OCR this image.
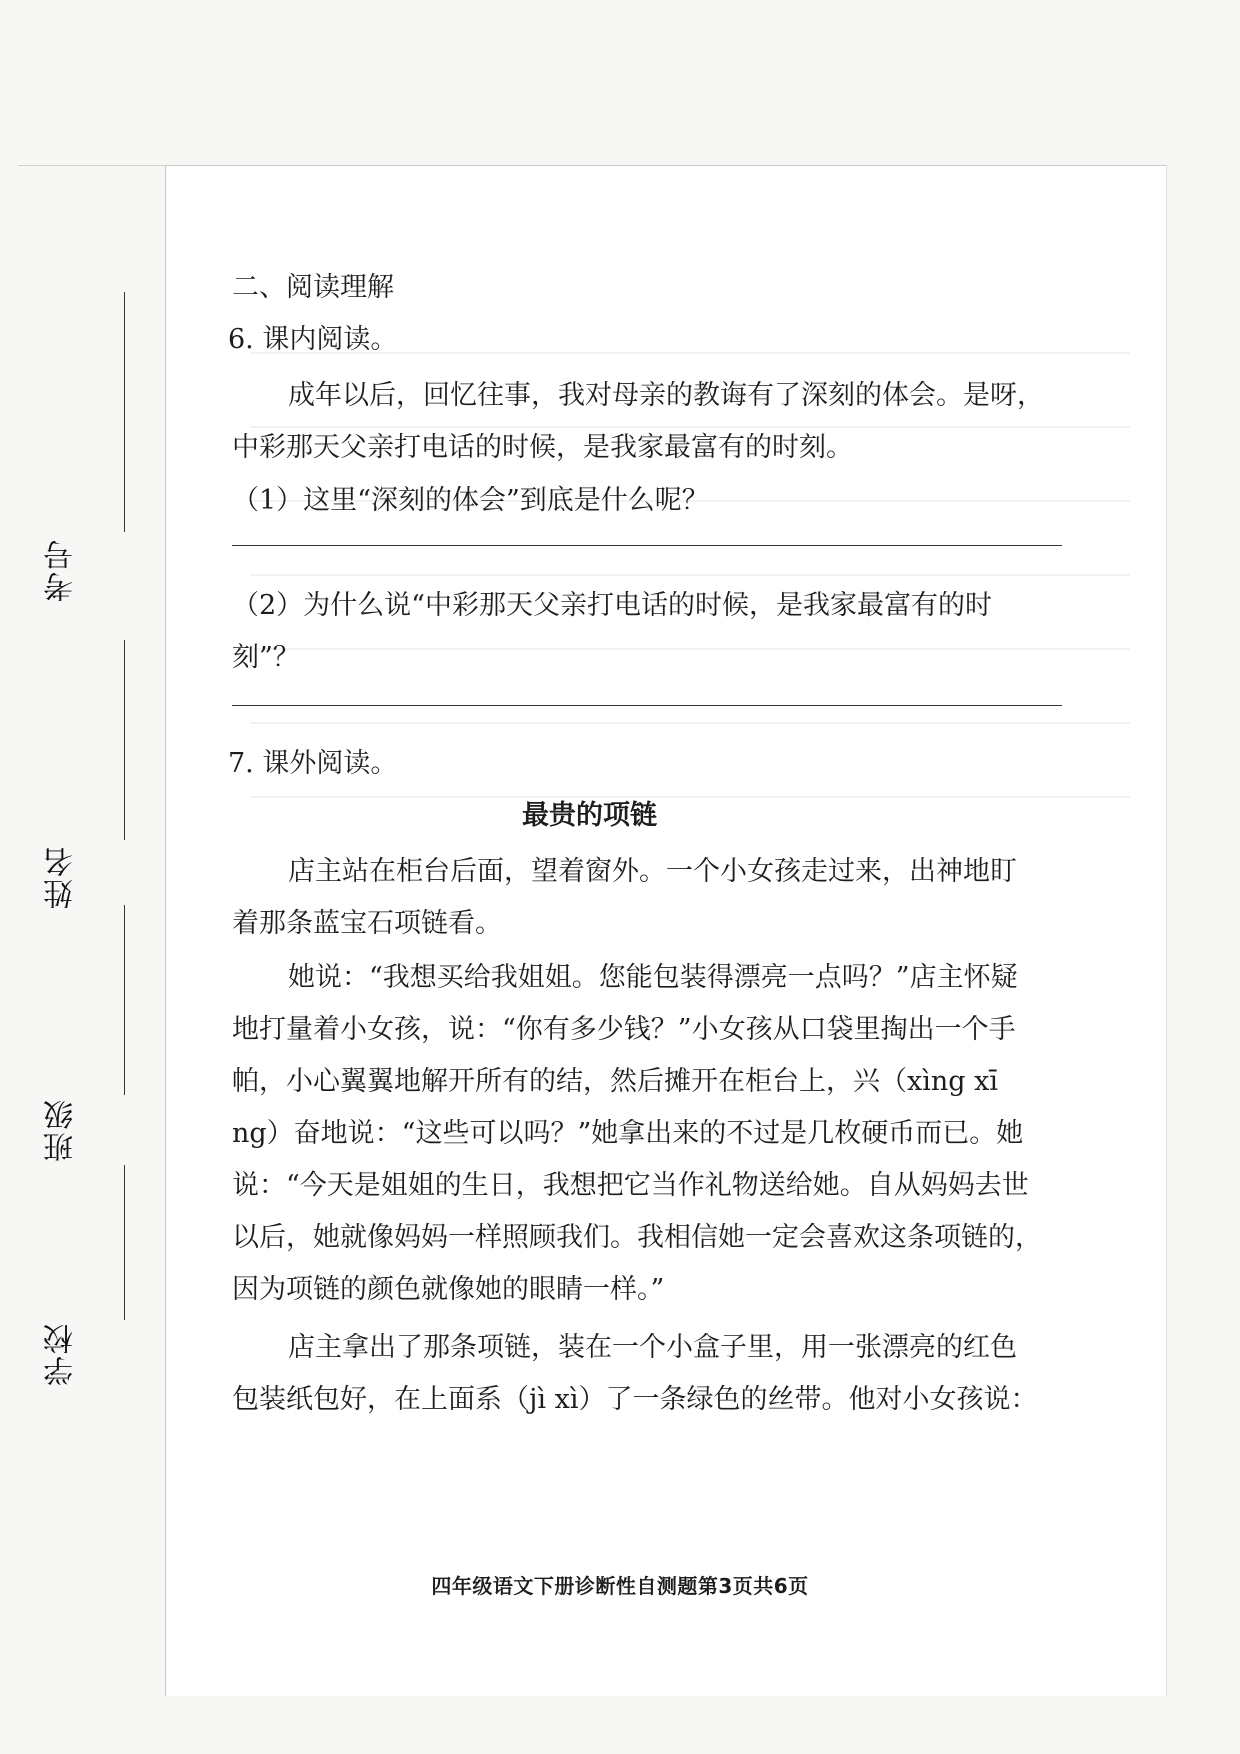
考号
姓名
班级
学校
二、阅读理解
6. 课内阅读。
成年以后，回忆往事，我对母亲的教诲有了深刻的体会。是呀，
中彩那天父亲打电话的时候，是我家最富有的时刻。
（1）这里“深刻的体会”到底是什么呢？
（2）为什么说“中彩那天父亲打电话的时候，是我家最富有的时
刻”？
7. 课外阅读。
最贵的项链
店主站在柜台后面，望着窗外。一个小女孩走过来，出神地盯
着那条蓝宝石项链看。
她说：“我想买给我姐姐。您能包装得漂亮一点吗？”店主怀疑
地打量着小女孩，说：“你有多少钱？”小女孩从口袋里掏出一个手
帕，小心翼翼地解开所有的结，然后摊开在柜台上，兴（xìng xī
ng）奋地说：“这些可以吗？”她拿出来的不过是几枚硬币而已。她
说：“今天是姐姐的生日，我想把它当作礼物送给她。自从妈妈去世
以后，她就像妈妈一样照顾我们。我相信她一定会喜欢这条项链的，
因为项链的颜色就像她的眼睛一样。”
店主拿出了那条项链，装在一个小盒子里，用一张漂亮的红色
包装纸包好，在上面系（jì xì）了一条绿色的丝带。他对小女孩说：
四年级语文下册诊断性自测题第3页共6页
